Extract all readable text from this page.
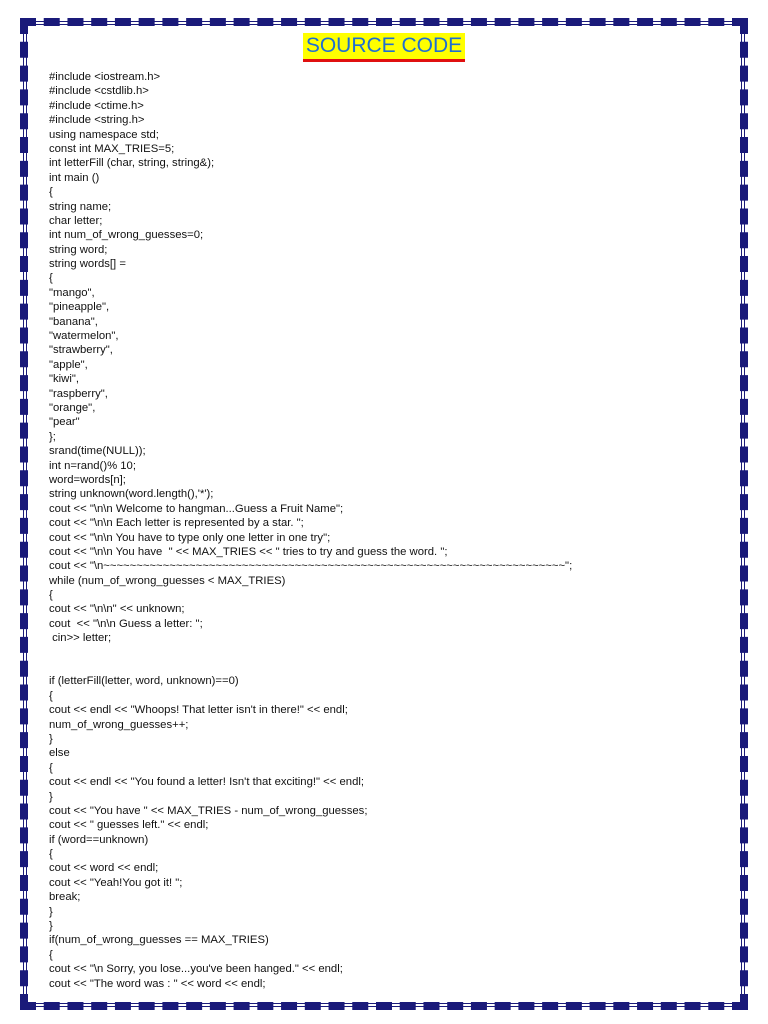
SOURCE CODE
#include <iostream.h>
#include <cstdlib.h>
#include <ctime.h>
#include <string.h>
using namespace std;
const int MAX_TRIES=5;
int letterFill (char, string, string&);
int main ()
{
string name;
char letter;
int num_of_wrong_guesses=0;
string word;
string words[] =
{
"mango",
"pineapple",
"banana",
"watermelon",
"strawberry",
"apple",
"kiwi",
"raspberry",
"orange",
"pear"
};
srand(time(NULL));
int n=rand()% 10;
word=words[n];
string unknown(word.length(),'*');
cout << "\n\n Welcome to hangman...Guess a Fruit Name";
cout << "\n\n Each letter is represented by a star. ";
cout << "\n\n You have to type only one letter in one try";
cout << "\n\n You have  " << MAX_TRIES << " tries to try and guess the word. ";
cout << "\n~~~~~~~~~~~~~~~~~~~~~~~~~~~~~~~~~~~~~~~~~~~~~~~~~~~~~~~~~~~~~~~~~~~~~~";
while (num_of_wrong_guesses < MAX_TRIES)
{
cout << "\n\n" << unknown;
cout  << "\n\n Guess a letter: ";
cin>> letter;
if (letterFill(letter, word, unknown)==0)
{
cout << endl << "Whoops! That letter isn't in there!" << endl;
num_of_wrong_guesses++;
}
else
{
cout << endl << "You found a letter! Isn't that exciting!" << endl;
}
cout << "You have " << MAX_TRIES - num_of_wrong_guesses;
cout << " guesses left." << endl;
if (word==unknown)
{
cout << word << endl;
cout << "Yeah!You got it! ";
break;
}
}
if(num_of_wrong_guesses == MAX_TRIES)
{
cout << "\n Sorry, you lose...you've been hanged." << endl;
cout << "The word was : " << word << endl;
